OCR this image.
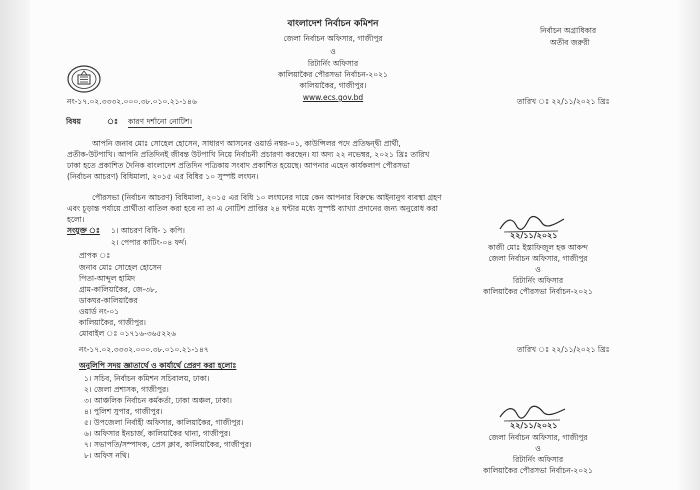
বাংলাদেশ নির্বাচন কমিশন
জেলা নির্বাচন অফিসার, গাজীপুর
ও
রিটার্নিং অফিসার
কালিয়াকৈর পৌরসভা নির্বাচন-২০২১
কালিয়াকৈর, গাজীপুর।
www.ecs.gov.bd
নির্বাচন অগ্রাধিকার
অতীব জরুরী
নং-১৭.০২.৩৩৩২.০০০.৩৮.০১০.২১-১৪৬	তারিখ ঃ ২২/১১/২০২১ খ্রিঃ
বিষয়	ঃ কারণ দর্শানো নোটিশ।
আপনি জনাব মোঃ সোহেল হোসেন, সাধারণ আসনের ওয়ার্ড নম্বর-০১, কাউন্সিলর পদে প্রতিদ্বন্দ্বী প্রার্থী,
প্রতীক-উটপাখি। আপনি প্রতিদিনই জীবন্ত উটপাখি নিয়ে নির্বাচনী প্রচারণা করছেন। যা অদ্য ২২ নভেম্বর, ২০২১ খ্রিঃ তারিখ
ঢাকা হতে প্রকাশিত দৈনিক বাংলাদেশ প্রতিদিন পত্রিকায় সংবাদ প্রকাশিত হয়েছে। আপনার এহেন কার্যকলাপ পৌরসভা
(নির্বাচন আচরণ) বিধিমালা, ২০১৫ এর বিধির ১০ সুস্পষ্ট লংঘন।
পৌরসভা (নির্বাচন আচরণ) বিধিমালা, ২০১৫ এর বিধি ১০ লংঘনের দায়ে কেন আপনার বিরুদ্ধে আইনানুগ ব্যবস্থা গ্রহণ
এবং চূড়ান্ত পর্যায়ে প্রার্থীতা বাতিল করা হবে না তা এ নোটিশ প্রাপ্তির ২৪ ঘন্টার মধ্যে সুস্পষ্ট ব্যাখ্যা প্রদানের জন্য অনুরোধ করা
হলো।
সংযুক্ত ঃ ১। আচরণ বিধি- ১ কপি।
২। পেপার কাটিং-০৪ ফর্দ।
২২/১১/২০২১
কাজী মোঃ ইস্তাফিজুল হক আকন্দ
জেলা নির্বাচন অফিসার, গাজীপুর
ও
রিটার্নিং অফিসার
কালিয়াকৈর পৌরসভা নির্বাচন-২০২১
প্রাপক ঃ
জনাব মোঃ সোহেল হোসেন
পিতা-আব্দুল হামিদ
গ্রাম-কালিয়াকৈর, জে-৩৮,
ডাকঘর-কালিয়াকৈর
ওয়ার্ড নং-০১
কালিয়াকৈর, গাজীপুর।
মোবাইল ঃ ০১৭১৬-৩৬৫২২৬
নং-১৭.০২.৩৩৩২.০০০.৩৮.০১০.২১-১৪৭	তারিখ ঃ ২২/১১/২০২১ খ্রিঃ
অনুলিপি সদয় জ্ঞাতার্থে ও কার্যার্থে প্রেরণ করা হলোঃ
১। সচিব, নির্বাচন কমিশন সচিবালয়, ঢাকা।
২। জেলা প্রশাসক, গাজীপুর।
৩। আঞ্চলিক নির্বাচন কর্মকর্তা, ঢাকা অঞ্চল, ঢাকা।
৪। পুলিশ সুপার, গাজীপুর।
৫। উপজেলা নির্বাহী অফিসার, কালিয়াকৈর, গাজীপুর।
৬। অফিসার ইনচার্জ, কালিয়াকৈর থানা, গাজীপুর।
৭। সভাপতি/সম্পাদক, প্রেস ক্লাব, কালিয়াকৈর, গাজীপুর।
৮। অফিস নথি।
২২/১১/২০২১
জেলা নির্বাচন অফিসার, গাজীপুর
ও
রিটার্নিং অফিসার
কালিয়াকৈর পৌরসভা নির্বাচন-২০২১
